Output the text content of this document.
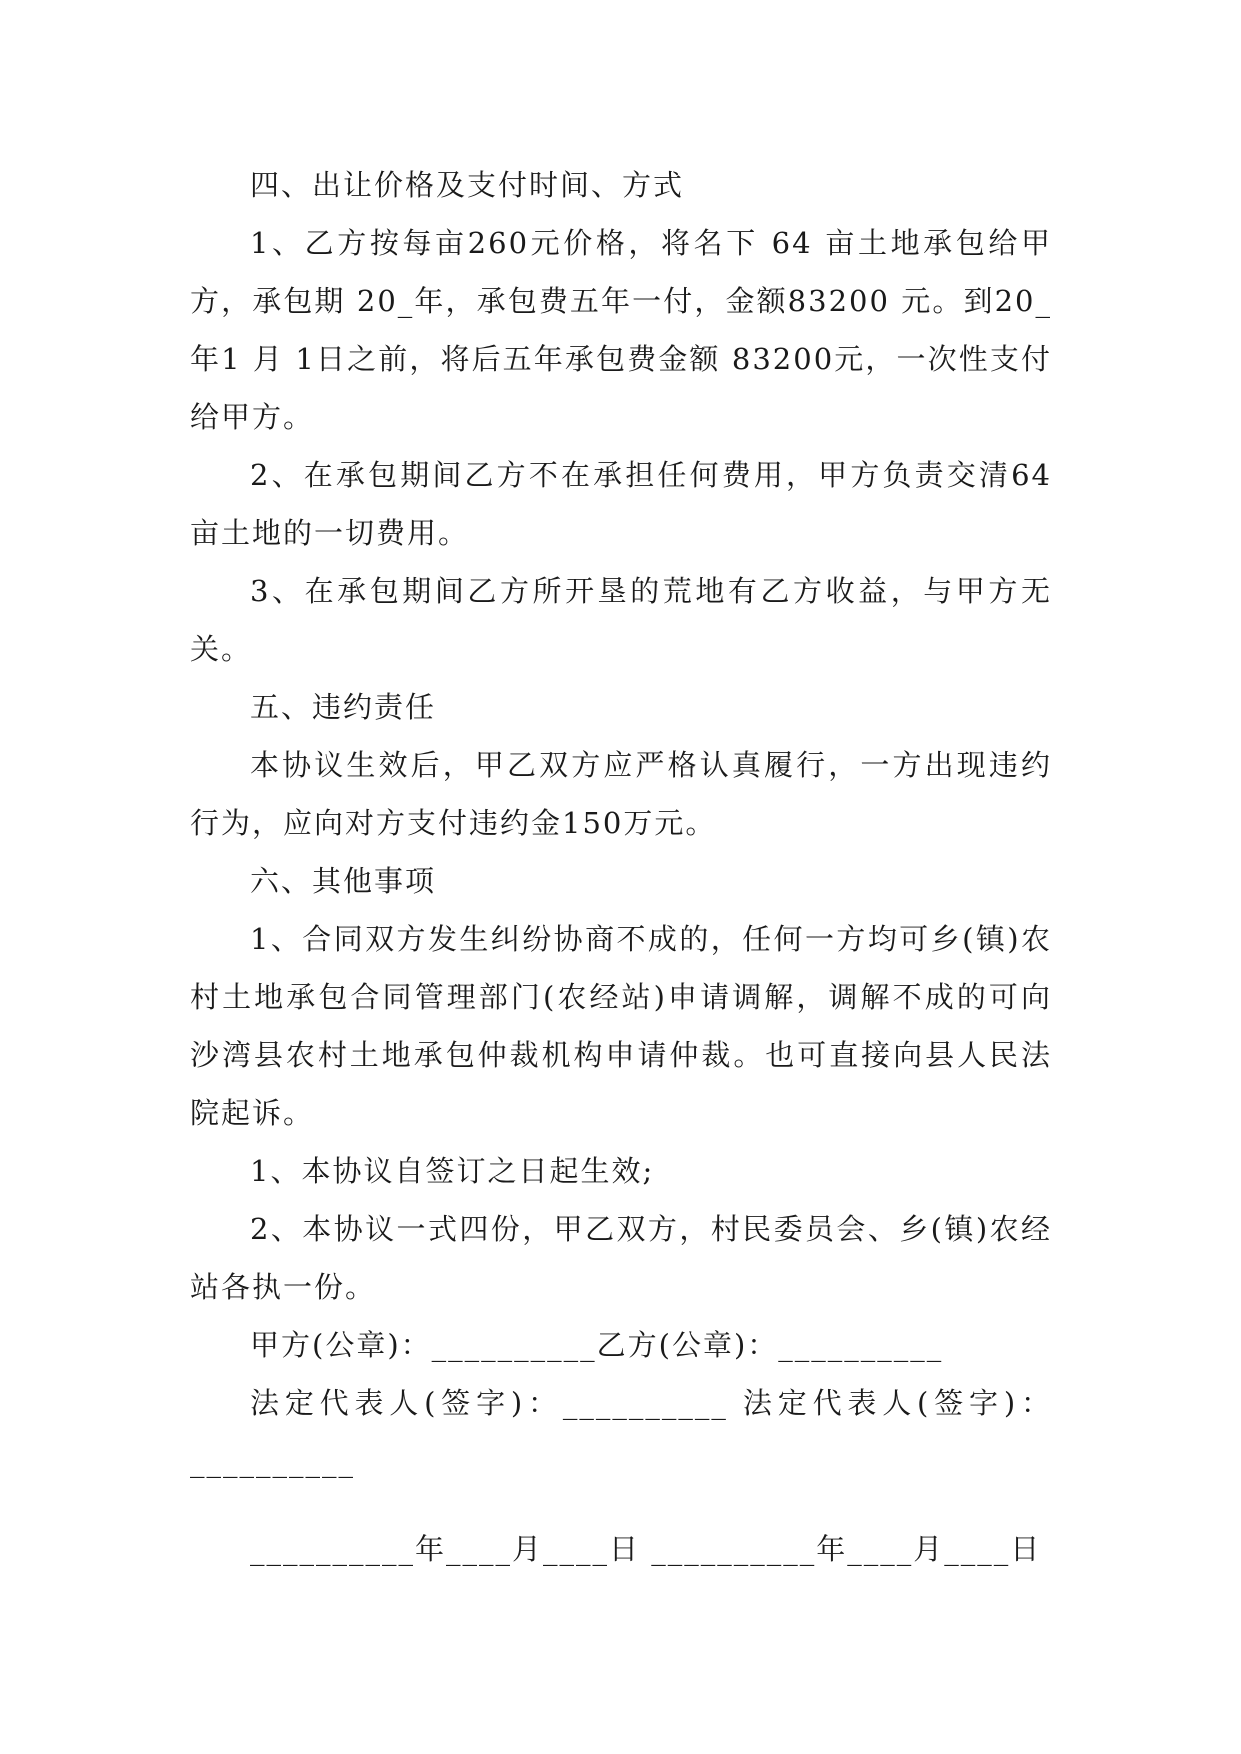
四、出让价格及支付时间、方式

1、乙方按每亩260元价格，将名下 64 亩土地承包给甲方，承包期 20_年，承包费五年一付，金额83200 元。到20_年1 月 1日之前，将后五年承包费金额 83200元，一次性支付给甲方。

2、在承包期间乙方不在承担任何费用，甲方负责交清64亩土地的一切费用。

3、在承包期间乙方所开垦的荒地有乙方收益，与甲方无关。

五、违约责任

本协议生效后，甲乙双方应严格认真履行，一方出现违约行为，应向对方支付违约金150万元。

六、其他事项

1、合同双方发生纠纷协商不成的，任何一方均可乡(镇)农村土地承包合同管理部门(农经站)申请调解，调解不成的可向沙湾县农村土地承包仲裁机构申请仲裁。也可直接向县人民法院起诉。

1、本协议自签订之日起生效;

2、本协议一式四份，甲乙双方，村民委员会、乡(镇)农经站各执一份。

甲方(公章)：__________乙方(公章)：__________

法定代表人(签字)：__________ 法定代表人(签字)：__________

__________年____月____日 __________年____月____日
